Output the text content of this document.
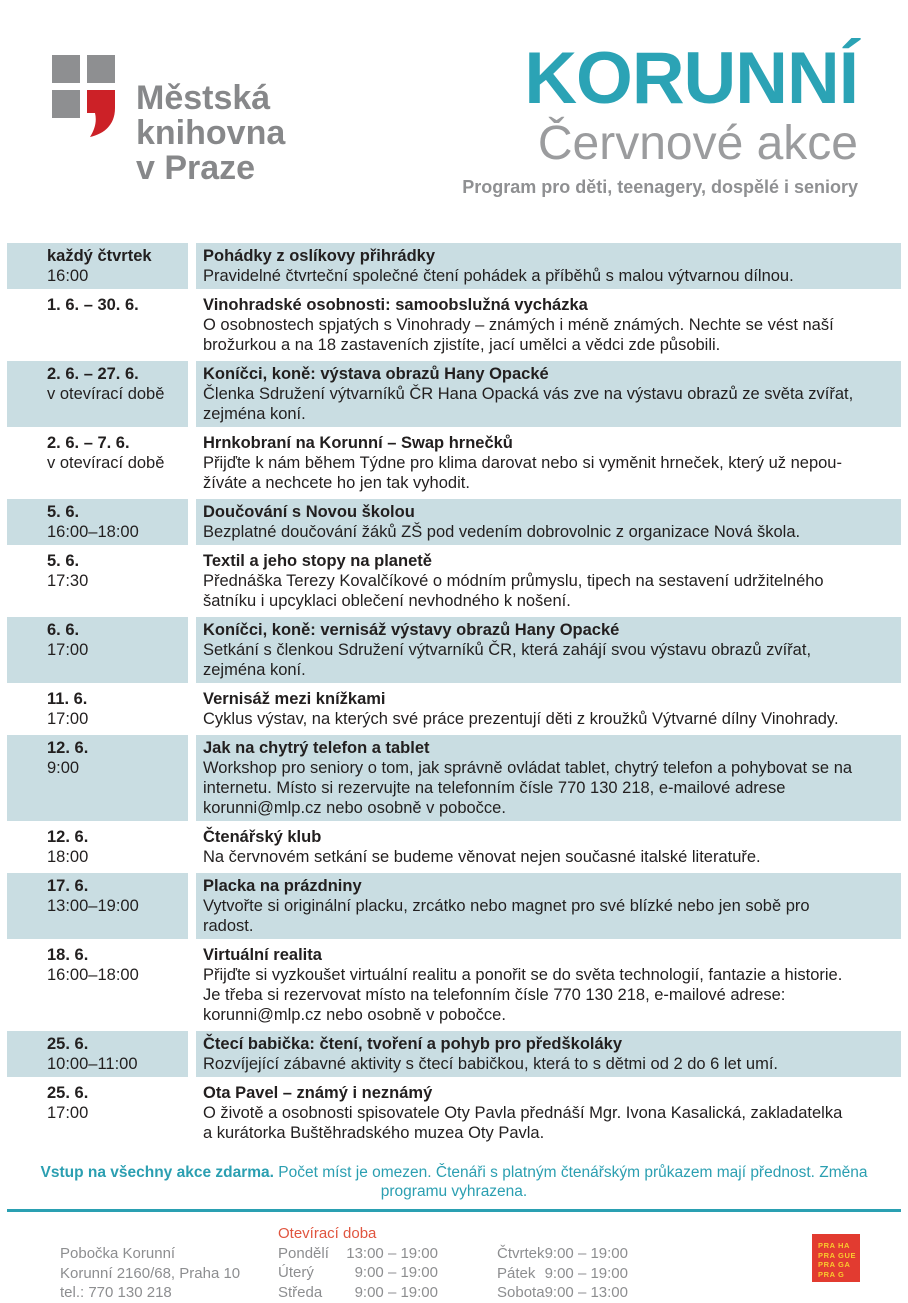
Městská
knihovna
v Praze
KORUNNÍ
Červnové akce
Program pro děti, teenagery, dospělé i seniory
každý čtvrtek
16:00
Pohádky z oslíkovy přihrádky
Pravidelné čtvrteční společné čtení pohádek a příběhů s malou výtvarnou dílnou.
1. 6. – 30. 6.	Vinohradské osobnosti: samoobslužná vycházka
O osobnostech spjatých s Vinohrady – známých i méně známých. Nechte se vést naší brožurkou a na 18 zastaveních zjistíte, jací umělci a vědci zde působili.
2. 6. – 27. 6.
v otevírací době
Koníčci, koně: výstava obrazů Hany Opacké
Členka Sdružení výtvarníků ČR Hana Opacká vás zve na výstavu obrazů ze světa zvířat, zejména koní.
2. 6. – 7. 6.
v otevírací době
Hrnkobraní na Korunní – Swap hrnečků
Přijďte k nám během Týdne pro klima darovat nebo si vyměnit hrneček, který už nepou-žíváte a nechcete ho jen tak vyhodit.
5. 6.
16:00–18:00
Doučování s Novou školou
Bezplatné doučování žáků ZŠ pod vedením dobrovolnic z organizace Nová škola.
5. 6.
17:30
Textil a jeho stopy na planetě
Přednáška Terezy Kovalčíkové o módním průmyslu, tipech na sestavení udržitelného šatníku i upcyklaci oblečení nevhodného k nošení.
6. 6.
17:00
Koníčci, koně: vernisáž výstavy obrazů Hany Opacké
Setkání s členkou Sdružení výtvarníků ČR, která zahájí svou výstavu obrazů zvířat, zejména koní.
11. 6.
17:00
Vernisáž mezi knížkami
Cyklus výstav, na kterých své práce prezentují děti z kroužků Výtvarné dílny Vinohrady.
12. 6.
9:00
Jak na chytrý telefon a tablet
Workshop pro seniory o tom, jak správně ovládat tablet, chytrý telefon a pohybovat se na internetu. Místo si rezervujte na telefonním čísle 770 130 218, e-mailové adrese korunni@mlp.cz nebo osobně v pobočce.
12. 6.
18:00
Čtenářský klub
Na červnovém setkání se budeme věnovat nejen současné italské literatuře.
17. 6.
13:00–19:00
Placka na prázdniny
Vytvořte si originální placku, zrcátko nebo magnet pro své blízké nebo jen sobě pro radost.
18. 6.
16:00–18:00
Virtuální realita
Přijďte si vyzkoušet virtuální realitu a ponořit se do světa technologií, fantazie a historie. Je třeba si rezervovat místo na telefonním čísle 770 130 218, e-mailové adrese: korunni@mlp.cz nebo osobně v pobočce.
25. 6.
10:00–11:00
Čtecí babička: čtení, tvoření a pohyb pro předškoláky
Rozvíjející zábavné aktivity s čtecí babičkou, která to s dětmi od 2 do 6 let umí.
25. 6.
17:00
Ota Pavel – známý i neznámý
O životě a osobnosti spisovatele Oty Pavla přednáší Mgr. Ivona Kasalická, zakladatelka a kurátorka Buštěhradského muzea Oty Pavla.
Vstup na všechny akce zdarma. Počet míst je omezen. Čtenáři s platným čtenářským průkazem mají přednost. Změna programu vyhrazena.
Pobočka Korunní
Korunní 2160/68, Praha 10
tel.: 770 130 218
Otevírací doba
Pondělí 13:00 – 19:00
Úterý	9:00 – 19:00
Středa 9:00 – 19:00
Čtvrtek 9:00 – 19:00
Pátek 9:00 – 19:00
Sobota 9:00 – 13:00
PRA HA
PRA GUE
PRA GA
PRA G
